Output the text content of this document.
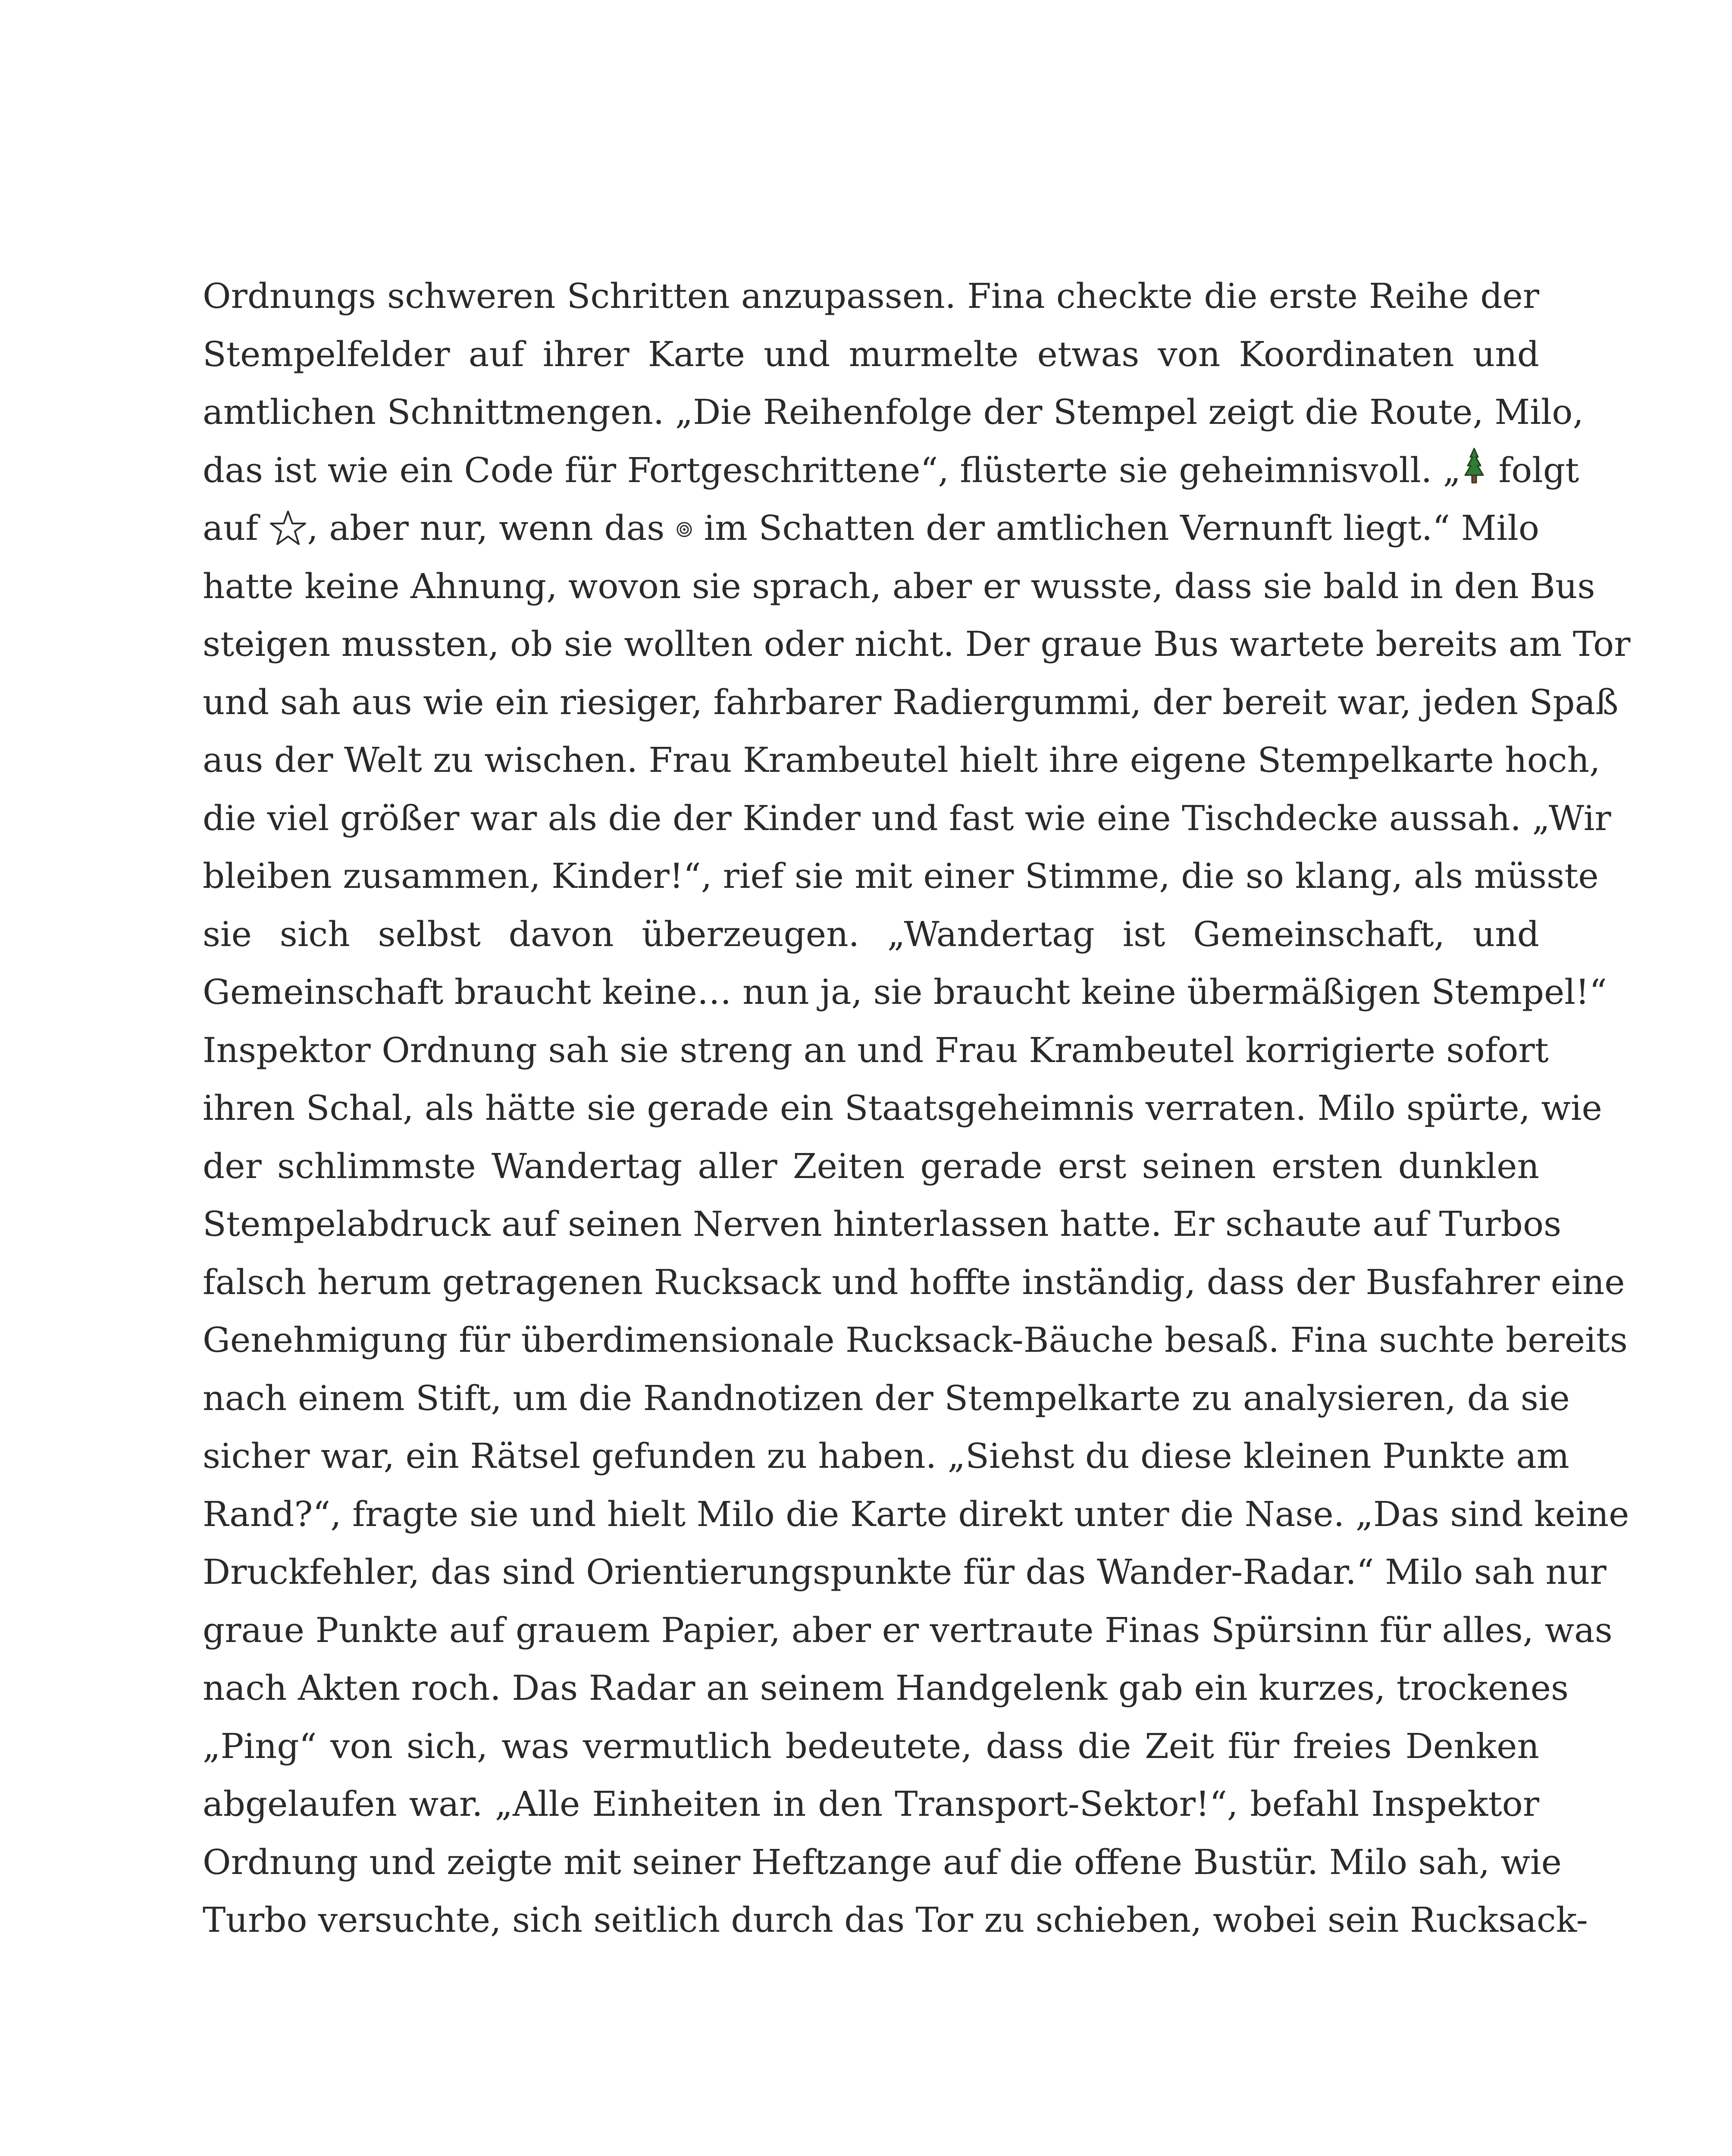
Ordnungs schweren Schritten anzupassen. Fina checkte die erste Reihe der
Stempelfelder auf ihrer Karte und murmelte etwas von Koordinaten und
amtlichen Schnittmengen. „Die Reihenfolge der Stempel zeigt die Route, Milo,
das ist wie ein Code für Fortgeschrittene“, flüsterte sie geheimnisvoll. „ folgt
auf , aber nur, wenn das  im Schatten der amtlichen Vernunft liegt.“ Milo
hatte keine Ahnung, wovon sie sprach, aber er wusste, dass sie bald in den Bus
steigen mussten, ob sie wollten oder nicht. Der graue Bus wartete bereits am Tor
und sah aus wie ein riesiger, fahrbarer Radiergummi, der bereit war, jeden Spaß
aus der Welt zu wischen. Frau Krambeutel hielt ihre eigene Stempelkarte hoch,
die viel größer war als die der Kinder und fast wie eine Tischdecke aussah. „Wir
bleiben zusammen, Kinder!“, rief sie mit einer Stimme, die so klang, als müsste
sie sich selbst davon überzeugen. „Wandertag ist Gemeinschaft, und
Gemeinschaft braucht keine… nun ja, sie braucht keine übermäßigen Stempel!“
Inspektor Ordnung sah sie streng an und Frau Krambeutel korrigierte sofort
ihren Schal, als hätte sie gerade ein Staatsgeheimnis verraten. Milo spürte, wie
der schlimmste Wandertag aller Zeiten gerade erst seinen ersten dunklen
Stempelabdruck auf seinen Nerven hinterlassen hatte. Er schaute auf Turbos
falsch herum getragenen Rucksack und hoffte inständig, dass der Busfahrer eine
Genehmigung für überdimensionale Rucksack-Bäuche besaß. Fina suchte bereits
nach einem Stift, um die Randnotizen der Stempelkarte zu analysieren, da sie
sicher war, ein Rätsel gefunden zu haben. „Siehst du diese kleinen Punkte am
Rand?“, fragte sie und hielt Milo die Karte direkt unter die Nase. „Das sind keine
Druckfehler, das sind Orientierungspunkte für das Wander-Radar.“ Milo sah nur
graue Punkte auf grauem Papier, aber er vertraute Finas Spürsinn für alles, was
nach Akten roch. Das Radar an seinem Handgelenk gab ein kurzes, trockenes
„Ping“ von sich, was vermutlich bedeutete, dass die Zeit für freies Denken
abgelaufen war. „Alle Einheiten in den Transport-Sektor!“, befahl Inspektor
Ordnung und zeigte mit seiner Heftzange auf die offene Bustür. Milo sah, wie
Turbo versuchte, sich seitlich durch das Tor zu schieben, wobei sein Rucksack-
